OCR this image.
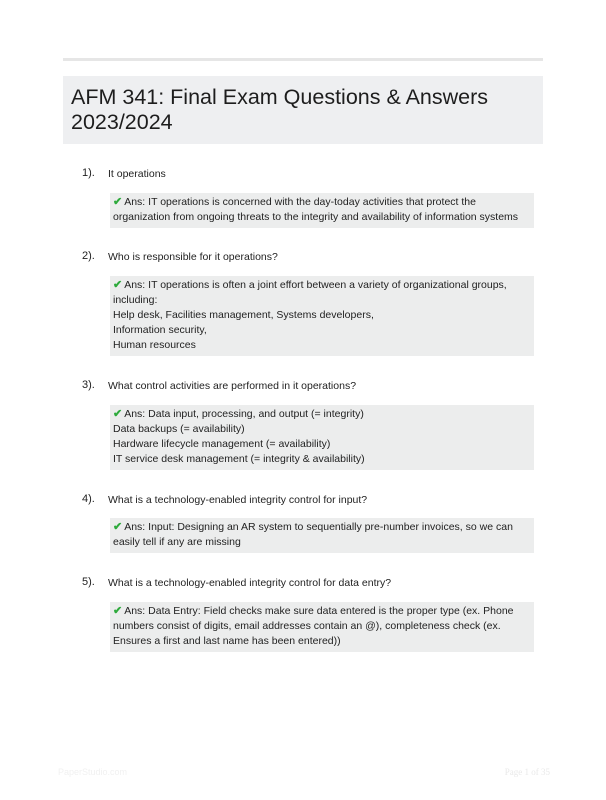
AFM 341: Final Exam Questions & Answers
2023/2024
1). It operations
✔ Ans: IT operations is concerned with the day-today activities that protect the
organization from ongoing threats to the integrity and availability of information systems
2). Who is responsible for it operations?
✔ Ans: IT operations is often a joint effort between a variety of organizational groups,
including:
Help desk, Facilities management, Systems developers,
Information security,
Human resources
3). What control activities are performed in it operations?
✔ Ans: Data input, processing, and output (= integrity)
Data backups (= availability)
Hardware lifecycle management (= availability)
IT service desk management (= integrity & availability)
4). What is a technology-enabled integrity control for input?
✔ Ans: Input: Designing an AR system to sequentially pre-number invoices, so we can
easily tell if any are missing
5). What is a technology-enabled integrity control for data entry?
✔ Ans: Data Entry: Field checks make sure data entered is the proper type (ex. Phone
numbers consist of digits, email addresses contain an @), completeness check (ex.
Ensures a first and last name has been entered))
PaperStudio.com	Page 1 of 35
